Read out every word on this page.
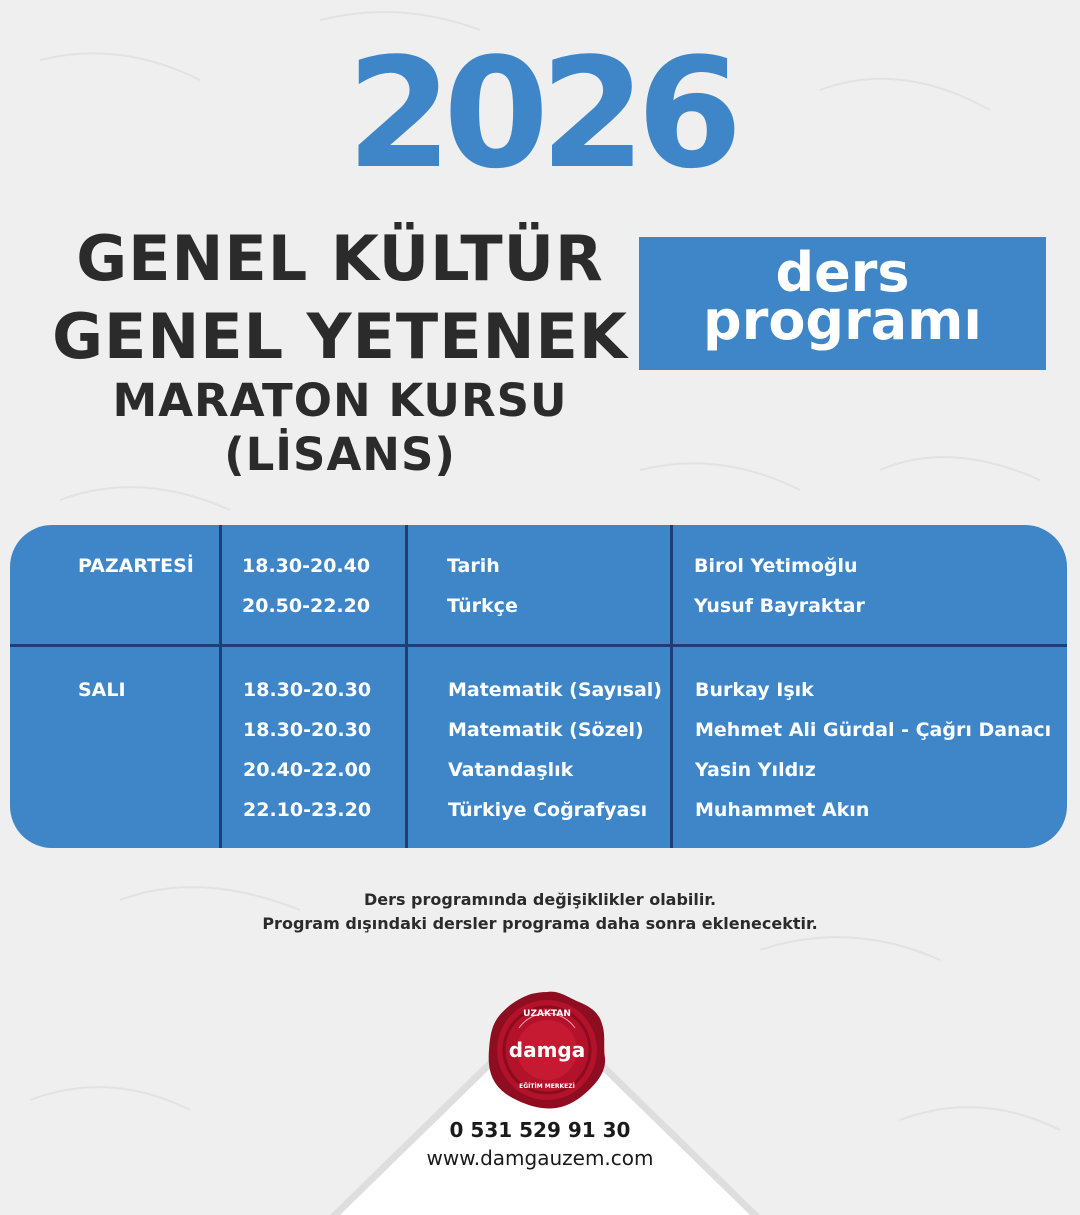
2026
GENEL KÜLTÜR
GENEL YETENEK
MARATON KURSU
(LİSANS)
ders
programı
PAZARTESİ	18.30-20.40
20.50-22.20
Tarih
Türkçe
Birol Yetimoğlu
Yusuf Bayraktar
SALI	18.30-20.30
18.30-20.30
20.40-22.00
22.10-23.20
Matematik (Sayısal)
Matematik (Sözel)
Vatandaşlık
Türkiye Coğrafyası
Burkay Işık
Mehmet Ali Gürdal - Çağrı Danacı
Yasin Yıldız
Muhammet Akın
Ders programında değişiklikler olabilir.
Program dışındaki dersler programa daha sonra eklenecektir.
UZAKTAN
damga
EĞİTİM MERKEZİ
0 531 529 91 30
www.damgauzem.com
